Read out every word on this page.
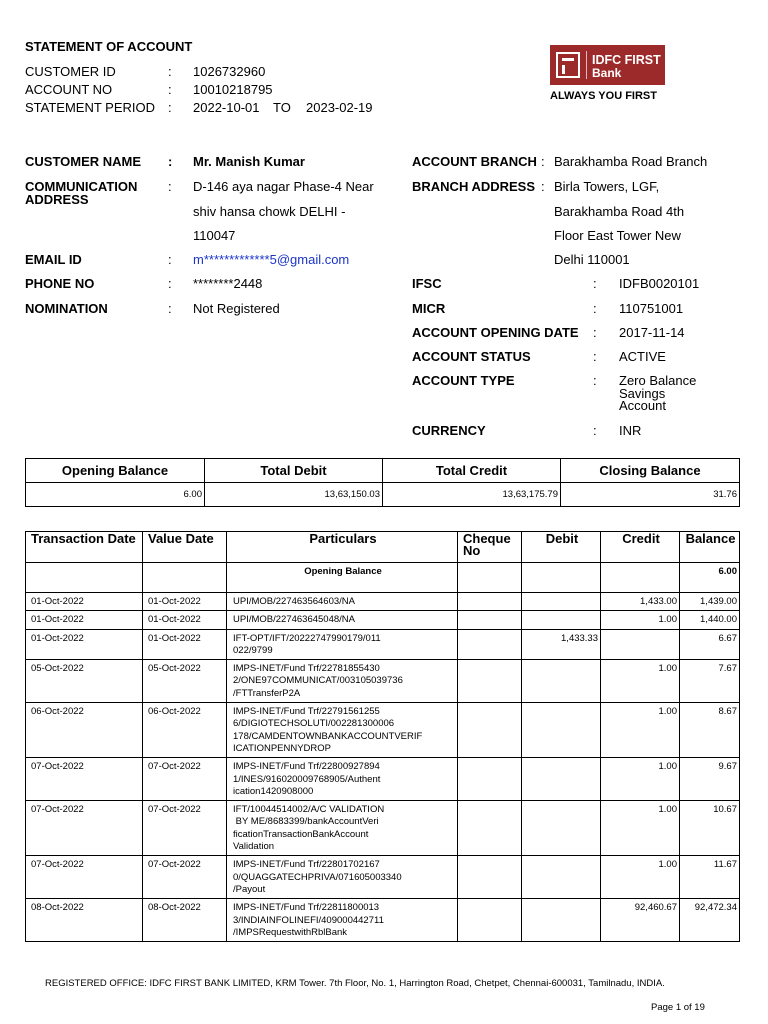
STATEMENT OF ACCOUNT
CUSTOMER ID	: 1026732960
ACCOUNT NO	: 10010218795
STATEMENT PERIOD : 2022-10-01 TO 2023-02-19
IDFC FIRST
Bank
ALWAYS YOU FIRST
CUSTOMER NAME : Mr. Manish Kumar
COMMUNICATION
ADDRESS
: D-146 aya nagar Phase-4 Near
shiv hansa chowk DELHI -
110047
EMAIL ID	: m*************5@gmail.com
PHONE NO	: ********2448
NOMINATION	: Not Registered
ACCOUNT BRANCH : Barakhamba Road Branch
BRANCH ADDRESS : Birla Towers, LGF,
Barakhamba Road 4th
Floor East Tower New
Delhi 110001
IFSC	: IDFB0020101
MICR	: 110751001
ACCOUNT OPENING DATE : 2017-11-14
ACCOUNT STATUS	: ACTIVE
ACCOUNT TYPE	: Zero Balance
Savings
Account
CURRENCY	: INR
Opening Balance	Total Debit	Total Credit	Closing Balance
6.00	13,63,150.03	13,63,175.79	31.76
Transaction Date	Value Date	Particulars	Cheque
No	Debit	Credit	Balance
		Opening Balance				6.00
01-Oct-2022	01-Oct-2022	UPI/MOB/227463564603/NA			1,433.00	1,439.00
01-Oct-2022	01-Oct-2022	UPI/MOB/227463645048/NA			1.00	1,440.00
01-Oct-2022	01-Oct-2022	IFT-OPT/IFT/20222747990179/011
022/9799		1,433.33		6.67
05-Oct-2022	05-Oct-2022	IMPS-INET/Fund Trf/22781855430
2/ONE97COMMUNICAT/003105039736
/FTTransferP2A			1.00	7.67
06-Oct-2022	06-Oct-2022	IMPS-INET/Fund Trf/22791561255
6/DIGIOTECHSOLUTI/002281300006
178/CAMDENTOWNBANKACCOUNTVERIF
ICATIONPENNYDROP			1.00	8.67
07-Oct-2022	07-Oct-2022	IMPS-INET/Fund Trf/22800927894
1/INES/916020009768905/Authent
ication1420908000			1.00	9.67
07-Oct-2022	07-Oct-2022	IFT/10044514002/A/C VALIDATION
BY ME/8683399/bankAccountVeri
ficationTransactionBankAccount
Validation			1.00	10.67
07-Oct-2022	07-Oct-2022	IMPS-INET/Fund Trf/22801702167
0/QUAGGATECHPRIVA/071605003340
/Payout			1.00	11.67
08-Oct-2022	08-Oct-2022	IMPS-INET/Fund Trf/22811800013
3/INDIAINFOLINEFI/409000442711
/IMPSRequestwithRblBank			92,460.67	92,472.34
REGISTERED OFFICE: IDFC FIRST BANK LIMITED, KRM Tower. 7th Floor, No. 1, Harrington Road, Chetpet, Chennai-600031, Tamilnadu, INDIA.
Page 1 of 19
